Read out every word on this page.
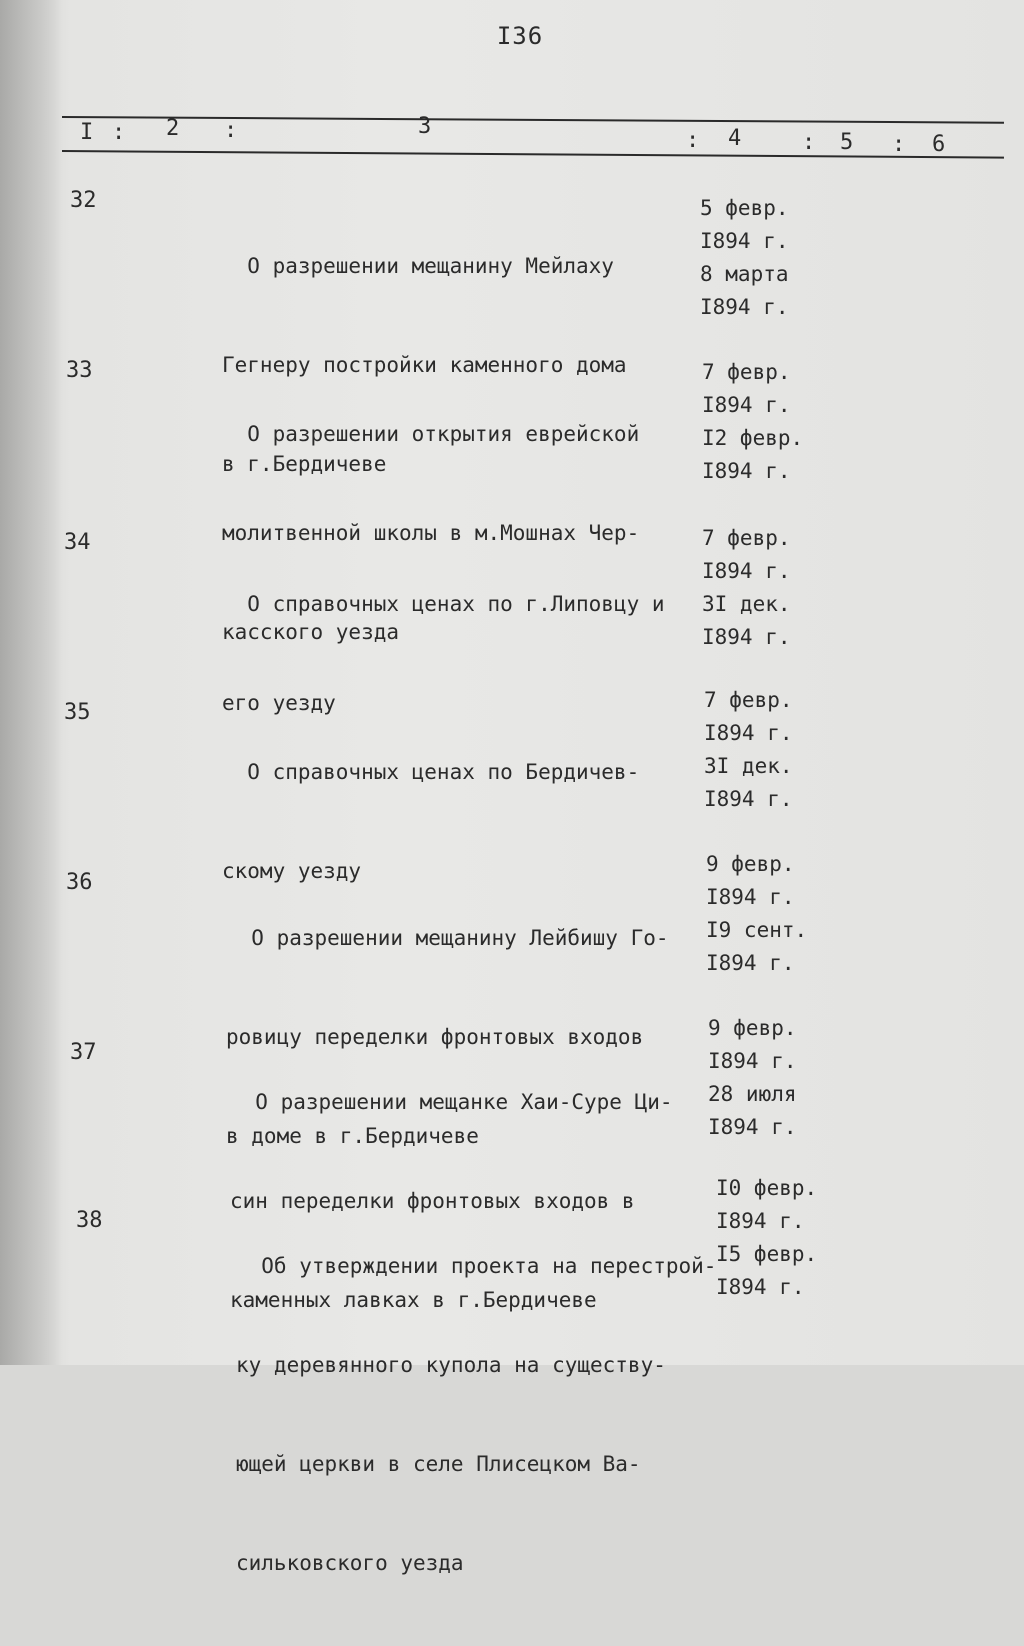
I36
I : 2 :	3
: 4	: 5 : 6
32

О разрешении мещанину Мейлаху

Гегнеру постройки каменного дома

в г.Бердичеве

5 февр.
I894 г.
8 марта
I894 г.
33

О разрешении открытия еврейской

молитвенной школы в м.Мошнах Чер-

касского уезда

7 февр.
I894 г.
I2 февр.
I894 г.
34

О справочных ценах по г.Липовцу и

его уезду

7 февр.
I894 г.
3I дек.
I894 г.
35

О справочных ценах по Бердичев-

скому уезду

7 февр.
I894 г.
3I дек.
I894 г.
36

О разрешении мещанину Лейбишу Го-

ровицу переделки фронтовых входов

в доме в г.Бердичеве

9 февр.
I894 г.
I9 сент.
I894 г.
37

О разрешении мещанке Хаи-Суре Ци-

син переделки фронтовых входов в

каменных лавках в г.Бердичеве

9 февр.
I894 г.
28 июля
I894 г.
38

Об утверждении проекта на перестрой-

ку деревянного купола на существу-

ющей церкви в селе Плисецком Ва-

сильковского уезда

I0 февр.
I894 г.
I5 февр.
I894 г.
